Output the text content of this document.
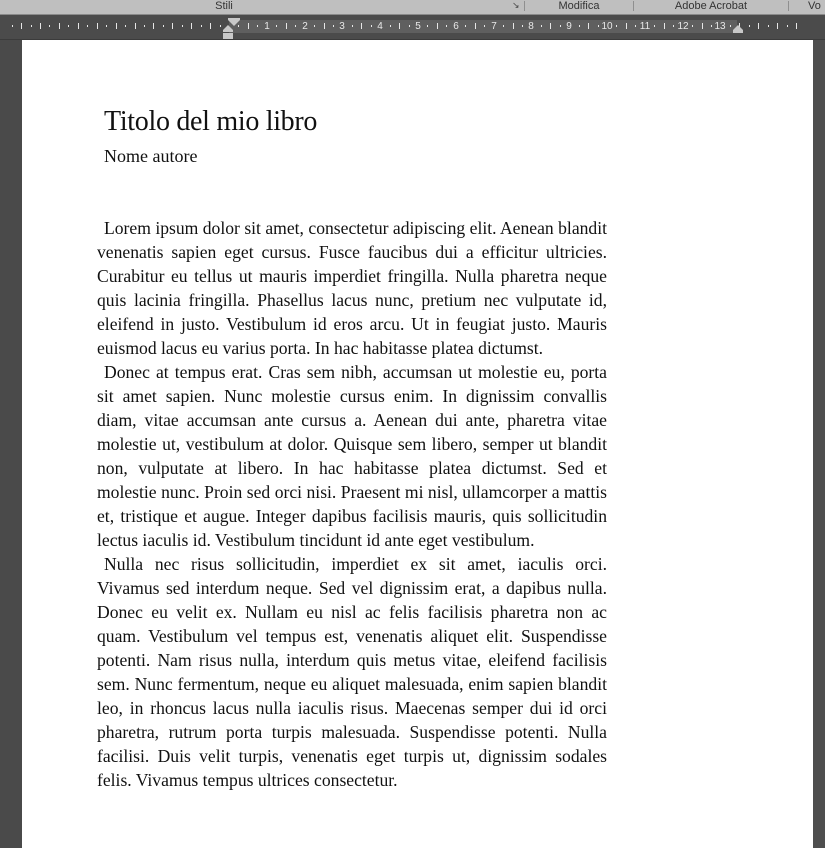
Stili	↘	Modifica	Adobe Acrobat	Vo
1	2	3	4	5	6	7	8	9	10	11	12	13
Titolo del mio libro
Nome autore

Lorem ipsum dolor sit amet, consectetur adipiscing elit. Aenean blandit venenatis sapien eget cursus. Fusce faucibus dui a efficitur ultricies. Curabitur eu tellus ut mauris imperdiet fringilla. Nulla pharetra neque quis lacinia fringilla. Phasellus lacus nunc, pretium nec vulputate id, eleifend in justo. Vestibulum id eros arcu. Ut in feugiat justo. Mauris euismod lacus eu varius porta. In hac habitasse platea dictumst.

Donec at tempus erat. Cras sem nibh, accumsan ut molestie eu, porta sit amet sapien. Nunc molestie cursus enim. In dignissim convallis diam, vitae accumsan ante cursus a. Aenean dui ante, pharetra vitae molestie ut, vestibulum at dolor. Quisque sem libero, semper ut blandit non, vulputate at libero. In hac habitasse platea dictumst. Sed et molestie nunc. Proin sed orci nisi. Praesent mi nisl, ullamcorper a mattis et, tristique et augue. Integer dapibus facilisis mauris, quis sollicitudin lectus iaculis id. Vestibulum tincidunt id ante eget vestibulum.

Nulla nec risus sollicitudin, imperdiet ex sit amet, iaculis orci. Vivamus sed interdum neque. Sed vel dignissim erat, a dapibus nulla. Donec eu velit ex. Nullam eu nisl ac felis facilisis pharetra non ac quam. Vestibulum vel tempus est, venenatis aliquet elit. Suspendisse potenti. Nam risus nulla, interdum quis metus vitae, eleifend facilisis sem. Nunc fermentum, neque eu aliquet malesuada, enim sapien blandit leo, in rhoncus lacus nulla iaculis risus. Maecenas semper dui id orci pharetra, rutrum porta turpis malesuada. Suspendisse potenti. Nulla facilisi. Duis velit turpis, venenatis eget turpis ut, dignissim sodales felis. Vivamus tempus ultrices consectetur.
